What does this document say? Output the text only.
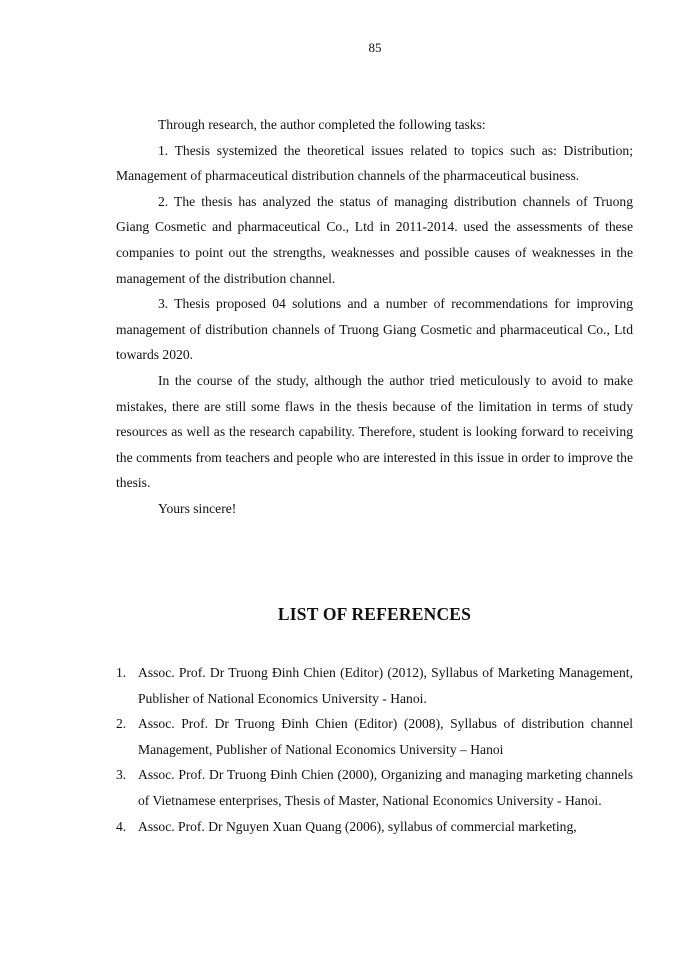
85

Through research, the author completed the following tasks:

1. Thesis systemized the theoretical issues related to topics such as: Distribution; Management of pharmaceutical distribution channels of the pharmaceutical business.

2. The thesis has analyzed the status of managing distribution channels of Truong Giang Cosmetic and pharmaceutical Co., Ltd in 2011-2014. used the assessments of these companies to point out the strengths, weaknesses and possible causes of weaknesses in the management of the distribution channel.

3. Thesis proposed 04 solutions and a number of recommendations for improving management of distribution channels of Truong Giang Cosmetic and pharmaceutical Co., Ltd towards 2020.

In the course of the study, although the author tried meticulously to avoid to make mistakes, there are still some flaws in the thesis because of the limitation in terms of study resources as well as the research capability. Therefore, student is looking forward to receiving the comments from teachers and people who are interested in this issue in order to improve the thesis.

Yours sincere!

LIST OF REFERENCES
1. Assoc. Prof. Dr Truong Đinh Chien (Editor) (2012), Syllabus of Marketing Management, Publisher of National Economics University - Hanoi.
2. Assoc. Prof. Dr Truong Đinh Chien (Editor) (2008), Syllabus of distribution channel Management, Publisher of National Economics University – Hanoi
3. Assoc. Prof. Dr Truong Đinh Chien (2000), Organizing and managing marketing channels of Vietnamese enterprises, Thesis of Master, National Economics University - Hanoi.
4. Assoc. Prof. Dr Nguyen Xuan Quang (2006), syllabus of commercial marketing,
